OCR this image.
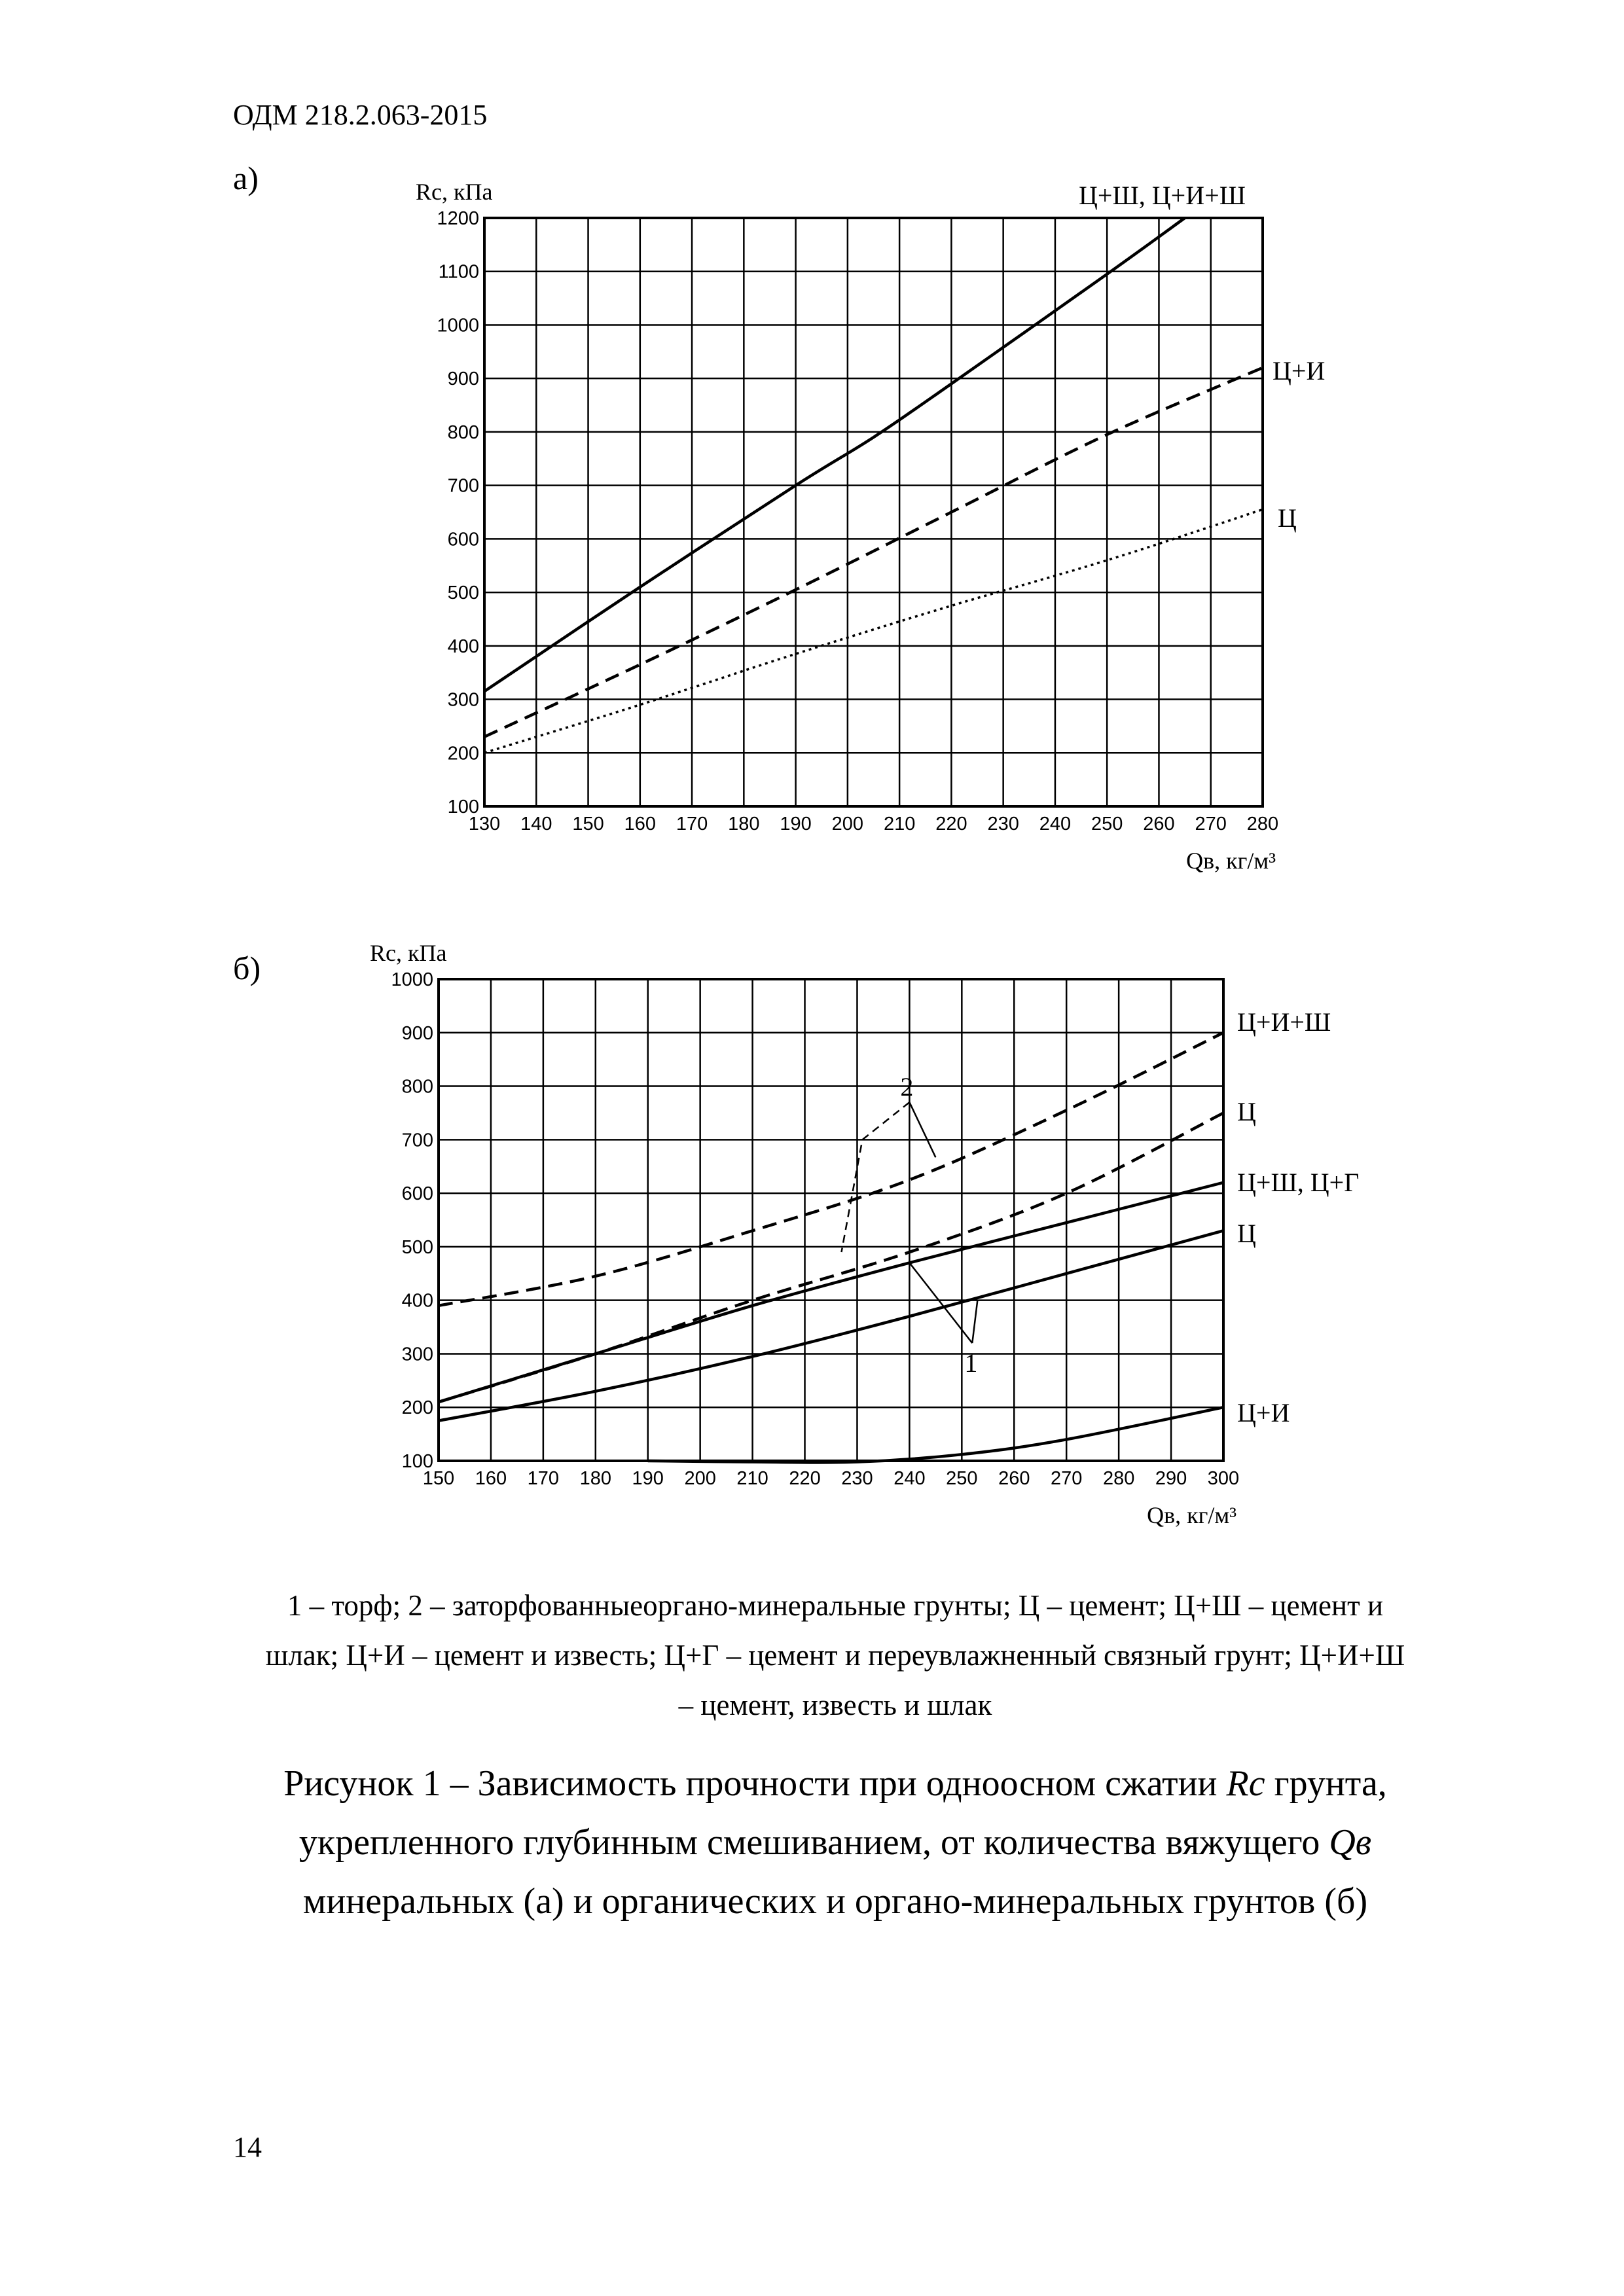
ОДМ 218.2.063-2015
а)
б)
130 140 150 160 170 180 190 200 210 220 230 240 250 260 270 280
100
200
300
400
500
600
700
800
900
1000
1100
1200
Rс, кПа
Qв, кг/м³
Ц+Ш, Ц+И+Ш
Ц+И
Ц
150 160 170 180 190 200 210 220 230 240 250 260 270 280 290 300
100
200
300
400
500
600
700
800
900
1000
Rс, кПа
Qв, кг/м³
Ц+И+Ш
Ц
Ц+Ш, Ц+Г
Ц
Ц+И
2
1
1 – торф; 2 – заторфованныеоргано-минеральные грунты; Ц – цемент; Ц+Ш – цемент и
шлак; Ц+И – цемент и известь; Ц+Г – цемент и переувлажненный связный грунт; Ц+И+Ш
– цемент, известь и шлак
Рисунок 1 – Зависимость прочности при одноосном сжатии Rс грунта,
укрепленного глубинным смешиванием, от количества вяжущего Qв
минеральных (а) и органических и органо-минеральных грунтов (б)
14
